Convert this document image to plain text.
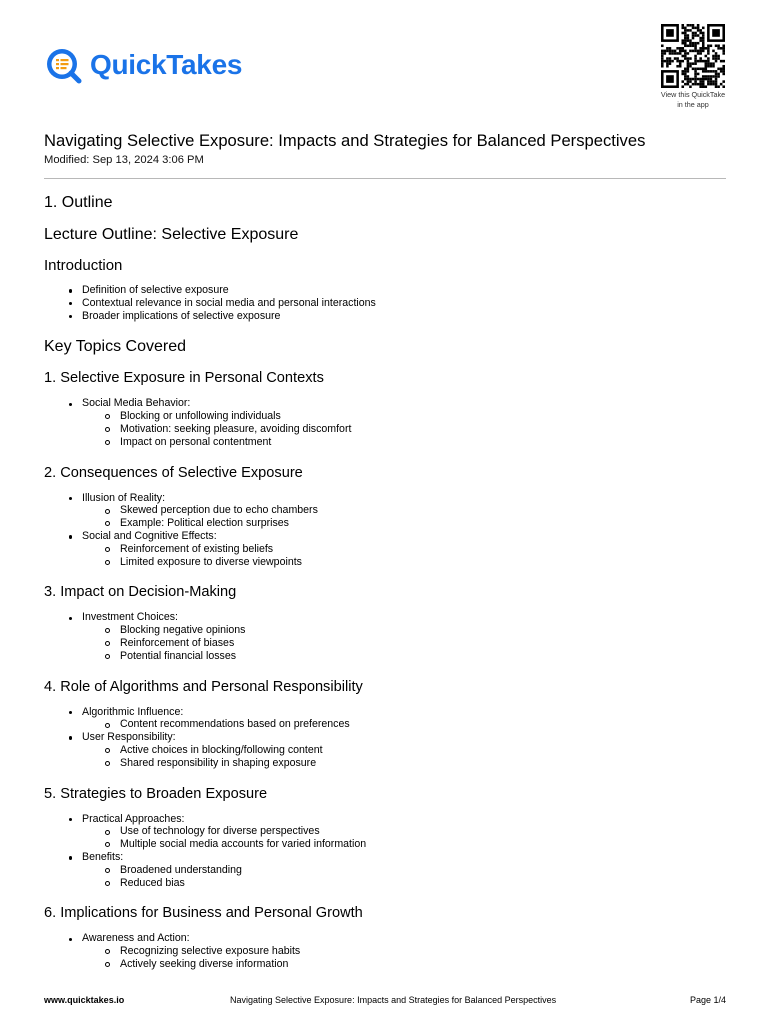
QuickTakes
View this QuickTake
in the app
Navigating Selective Exposure: Impacts and Strategies for Balanced Perspectives
Modified: Sep 13, 2024 3:06 PM
1. Outline
Lecture Outline: Selective Exposure
Introduction
Definition of selective exposure
Contextual relevance in social media and personal interactions
Broader implications of selective exposure
Key Topics Covered
1. Selective Exposure in Personal Contexts
Social Media Behavior:
Blocking or unfollowing individuals
Motivation: seeking pleasure, avoiding discomfort
Impact on personal contentment
2. Consequences of Selective Exposure
Illusion of Reality:
Skewed perception due to echo chambers
Example: Political election surprises
Social and Cognitive Effects:
Reinforcement of existing beliefs
Limited exposure to diverse viewpoints
3. Impact on Decision-Making
Investment Choices:
Blocking negative opinions
Reinforcement of biases
Potential financial losses
4. Role of Algorithms and Personal Responsibility
Algorithmic Influence:
Content recommendations based on preferences
User Responsibility:
Active choices in blocking/following content
Shared responsibility in shaping exposure
5. Strategies to Broaden Exposure
Practical Approaches:
Use of technology for diverse perspectives
Multiple social media accounts for varied information
Benefits:
Broadened understanding
Reduced bias
6. Implications for Business and Personal Growth
Awareness and Action:
Recognizing selective exposure habits
Actively seeking diverse information
www.quicktakes.io	Navigating Selective Exposure: Impacts and Strategies for Balanced Perspectives	Page 1/4
